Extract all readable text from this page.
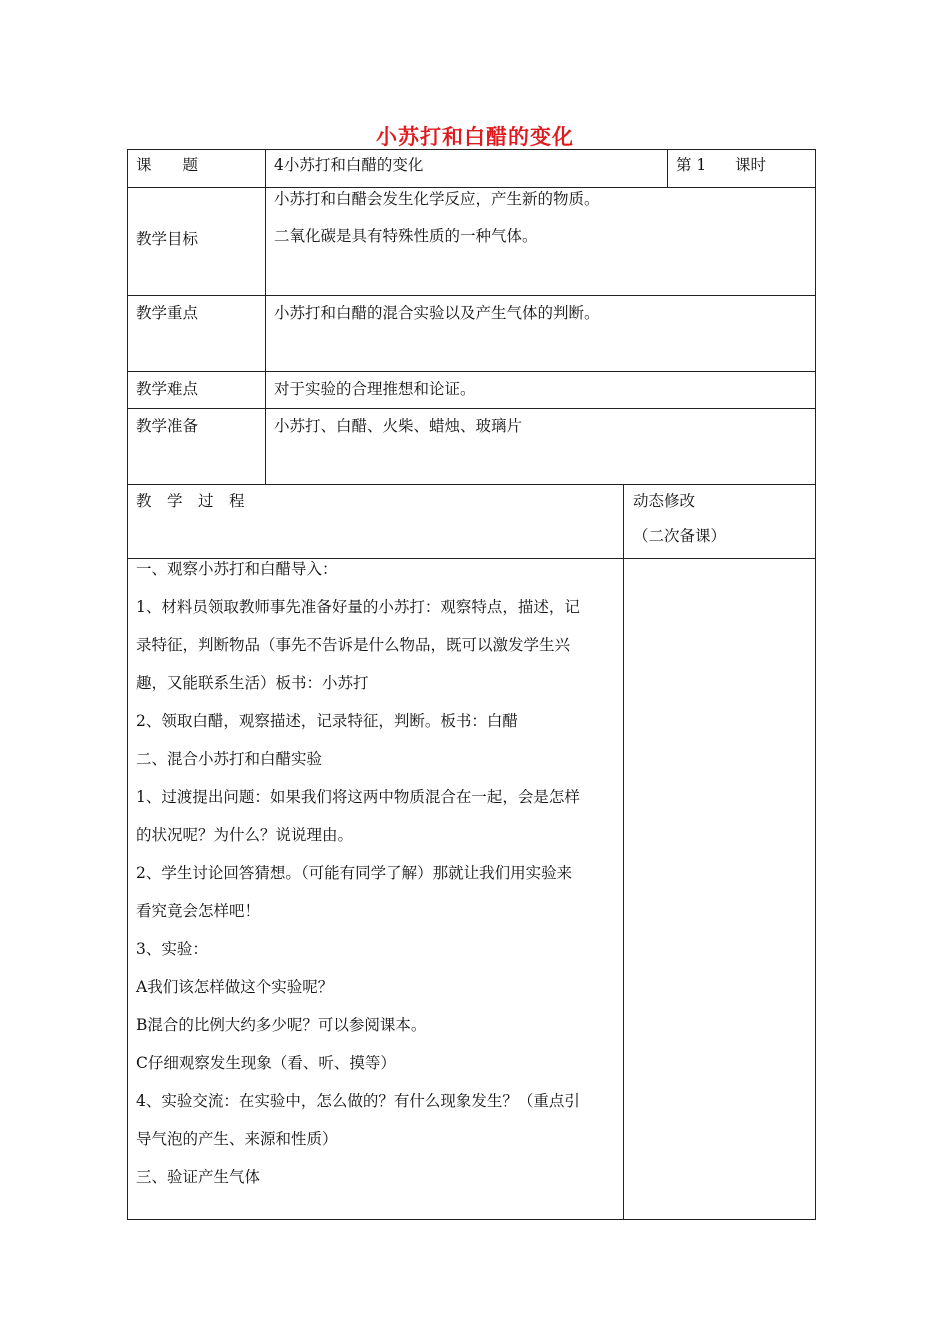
小苏打和白醋的变化
课　　题	4小苏打和白醋的变化	第 1 课时
教学目标
小苏打和白醋会发生化学反应，产生新的物质。
二氧化碳是具有特殊性质的一种气体。
教学重点	小苏打和白醋的混合实验以及产生气体的判断。
教学难点	对于实验的合理推想和论证。
教学准备	小苏打、白醋、火柴、蜡烛、玻璃片
教　学　过　程	动态修改
（二次备课）
一、观察小苏打和白醋导入：
1、材料员领取教师事先准备好量的小苏打：观察特点，描述，记
录特征，判断物品（事先不告诉是什么物品，既可以激发学生兴
趣，又能联系生活）板书：小苏打
2、领取白醋，观察描述，记录特征，判断。板书：白醋
二、混合小苏打和白醋实验
1、过渡提出问题：如果我们将这两中物质混合在一起，会是怎样
的状况呢？为什么？说说理由。
2、学生讨论回答猜想。（可能有同学了解）那就让我们用实验来
看究竟会怎样吧！
3、实验：
A我们该怎样做这个实验呢？
B混合的比例大约多少呢？可以参阅课本。
C仔细观察发生现象（看、听、摸等）
4、实验交流：在实验中，怎么做的？有什么现象发生？（重点引
导气泡的产生、来源和性质）
三、验证产生气体
